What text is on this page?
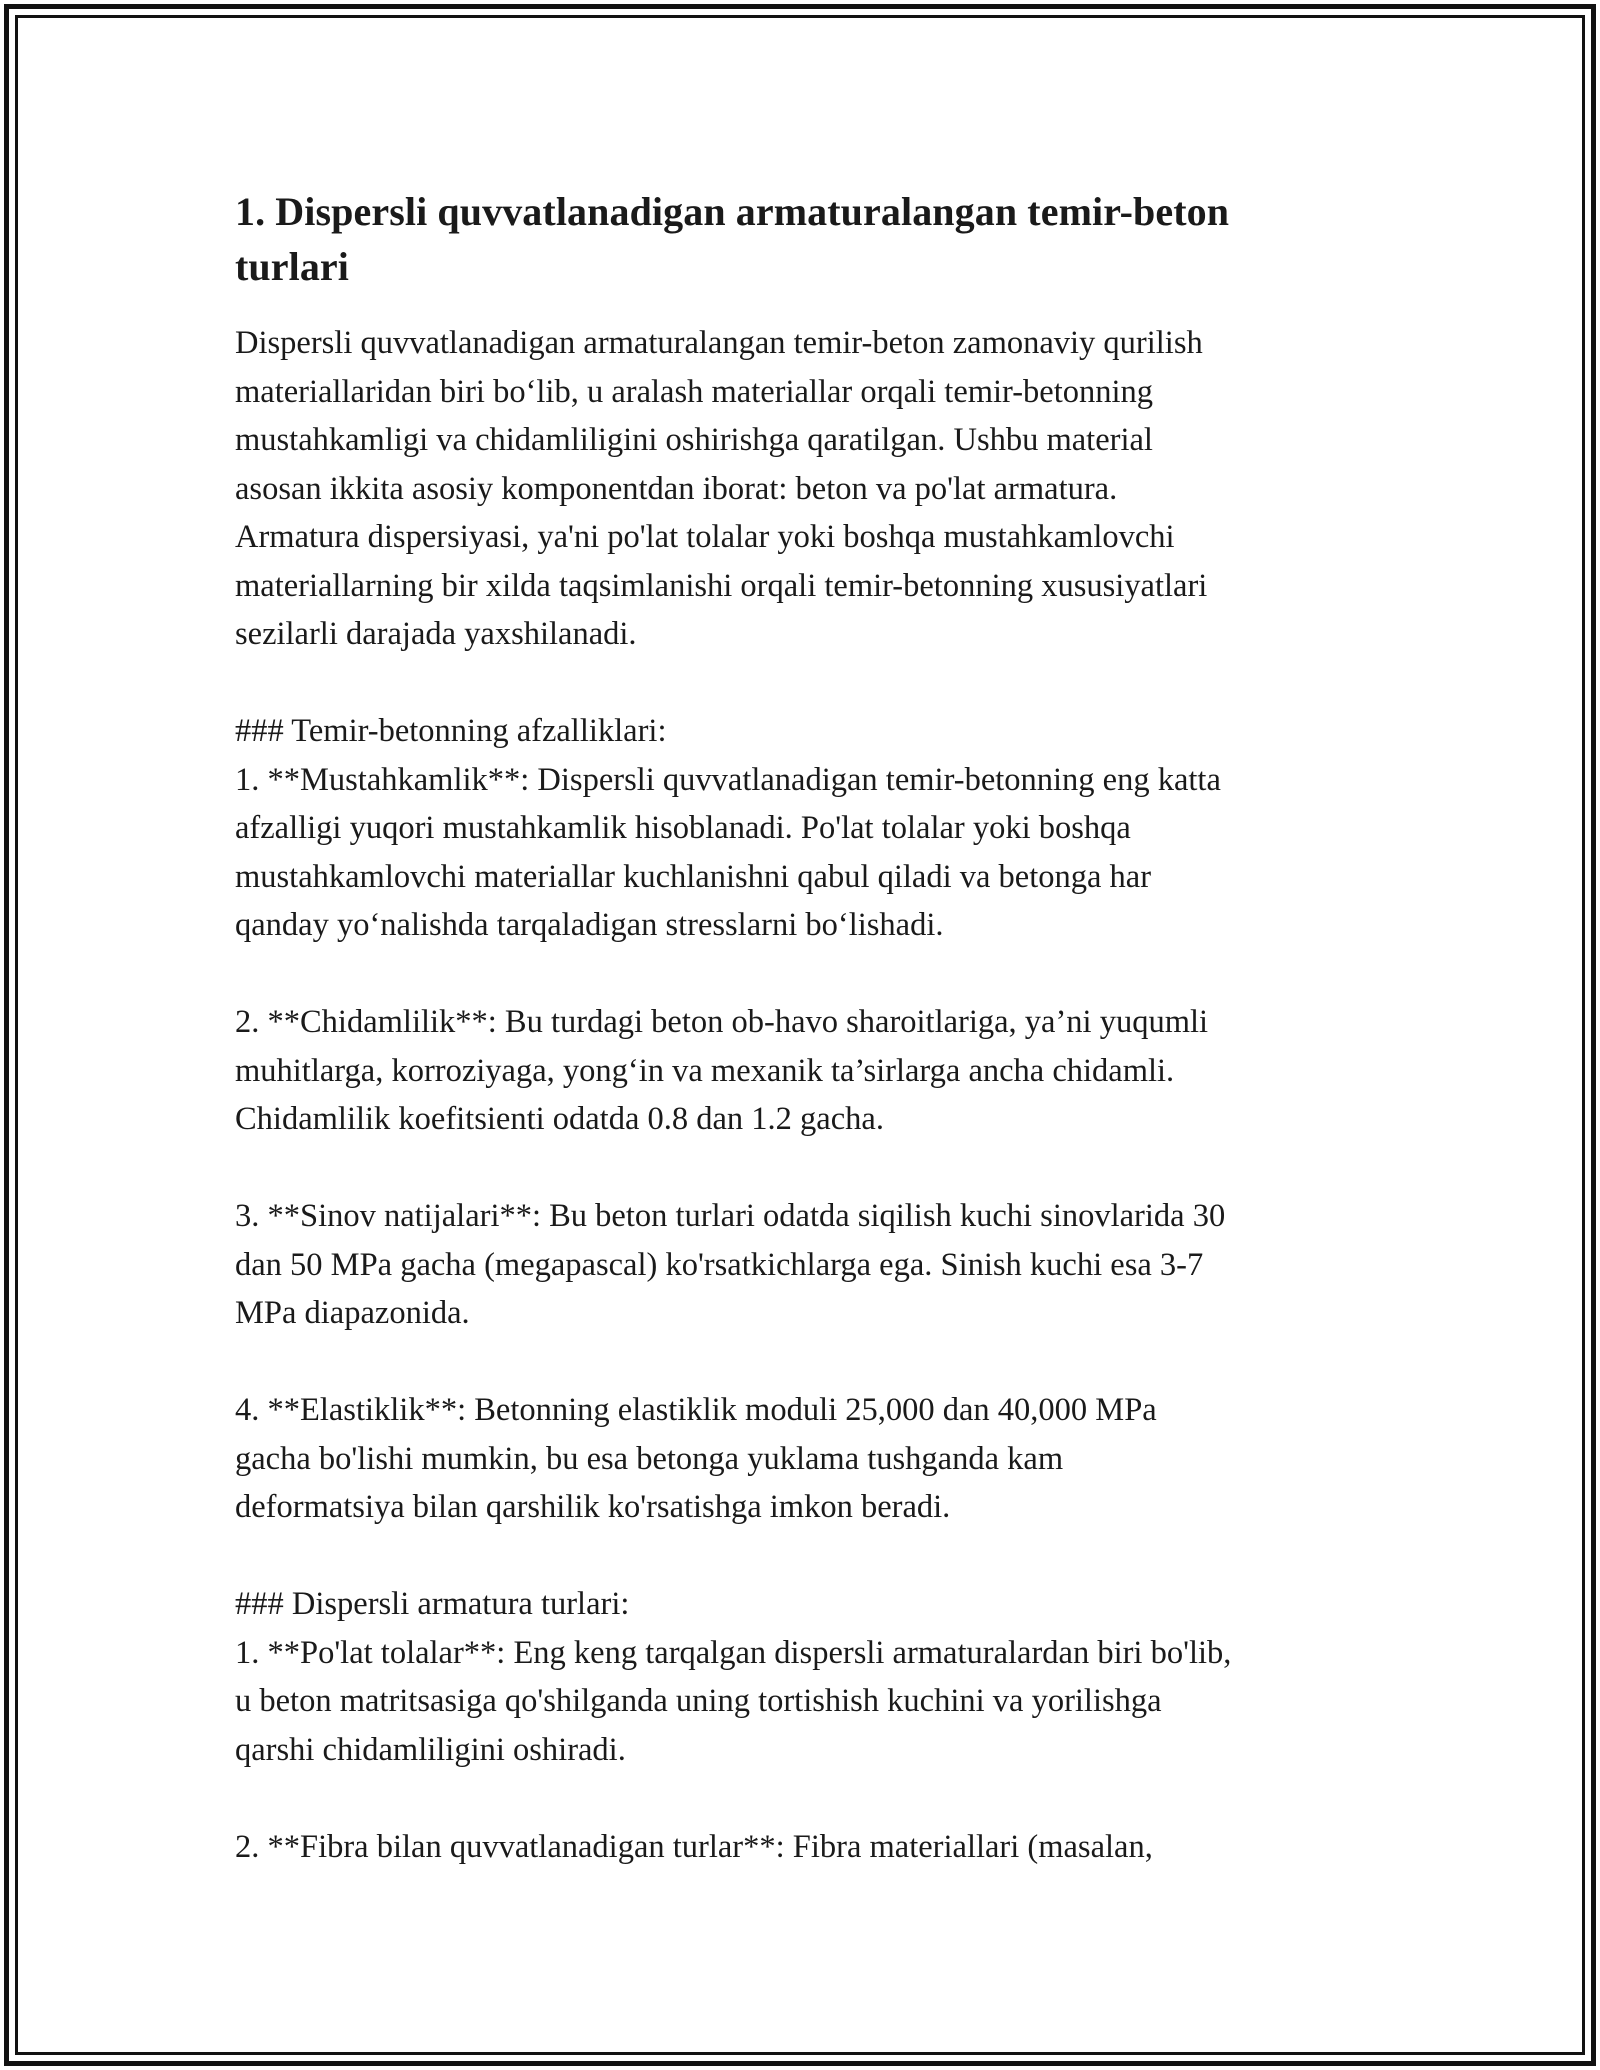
1. Dispersli quvvatlanadigan armaturalangan temir-beton
turlari
Dispersli quvvatlanadigan armaturalangan temir-beton zamonaviy qurilish
materiallaridan biri bo‘lib, u aralash materiallar orqali temir-betonning
mustahkamligi va chidamliligini oshirishga qaratilgan. Ushbu material
asosan ikkita asosiy komponentdan iborat: beton va po'lat armatura.
Armatura dispersiyasi, ya'ni po'lat tolalar yoki boshqa mustahkamlovchi
materiallarning bir xilda taqsimlanishi orqali temir-betonning xususiyatlari
sezilarli darajada yaxshilanadi.
### Temir-betonning afzalliklari:
1. **Mustahkamlik**: Dispersli quvvatlanadigan temir-betonning eng katta
afzalligi yuqori mustahkamlik hisoblanadi. Po'lat tolalar yoki boshqa
mustahkamlovchi materiallar kuchlanishni qabul qiladi va betonga har
qanday yo‘nalishda tarqaladigan stresslarni bo‘lishadi.
2. **Chidamlilik**: Bu turdagi beton ob-havo sharoitlariga, ya’ni yuqumli
muhitlarga, korroziyaga, yong‘in va mexanik ta’sirlarga ancha chidamli.
Chidamlilik koefitsienti odatda 0.8 dan 1.2 gacha.
3. **Sinov natijalari**: Bu beton turlari odatda siqilish kuchi sinovlarida 30
dan 50 MPa gacha (megapascal) ko'rsatkichlarga ega. Sinish kuchi esa 3-7
MPa diapazonida.
4. **Elastiklik**: Betonning elastiklik moduli 25,000 dan 40,000 MPa
gacha bo'lishi mumkin, bu esa betonga yuklama tushganda kam
deformatsiya bilan qarshilik ko'rsatishga imkon beradi.
### Dispersli armatura turlari:
1. **Po'lat tolalar**: Eng keng tarqalgan dispersli armaturalardan biri bo'lib,
u beton matritsasiga qo'shilganda uning tortishish kuchini va yorilishga
qarshi chidamliligini oshiradi.
2. **Fibra bilan quvvatlanadigan turlar**: Fibra materiallari (masalan,
